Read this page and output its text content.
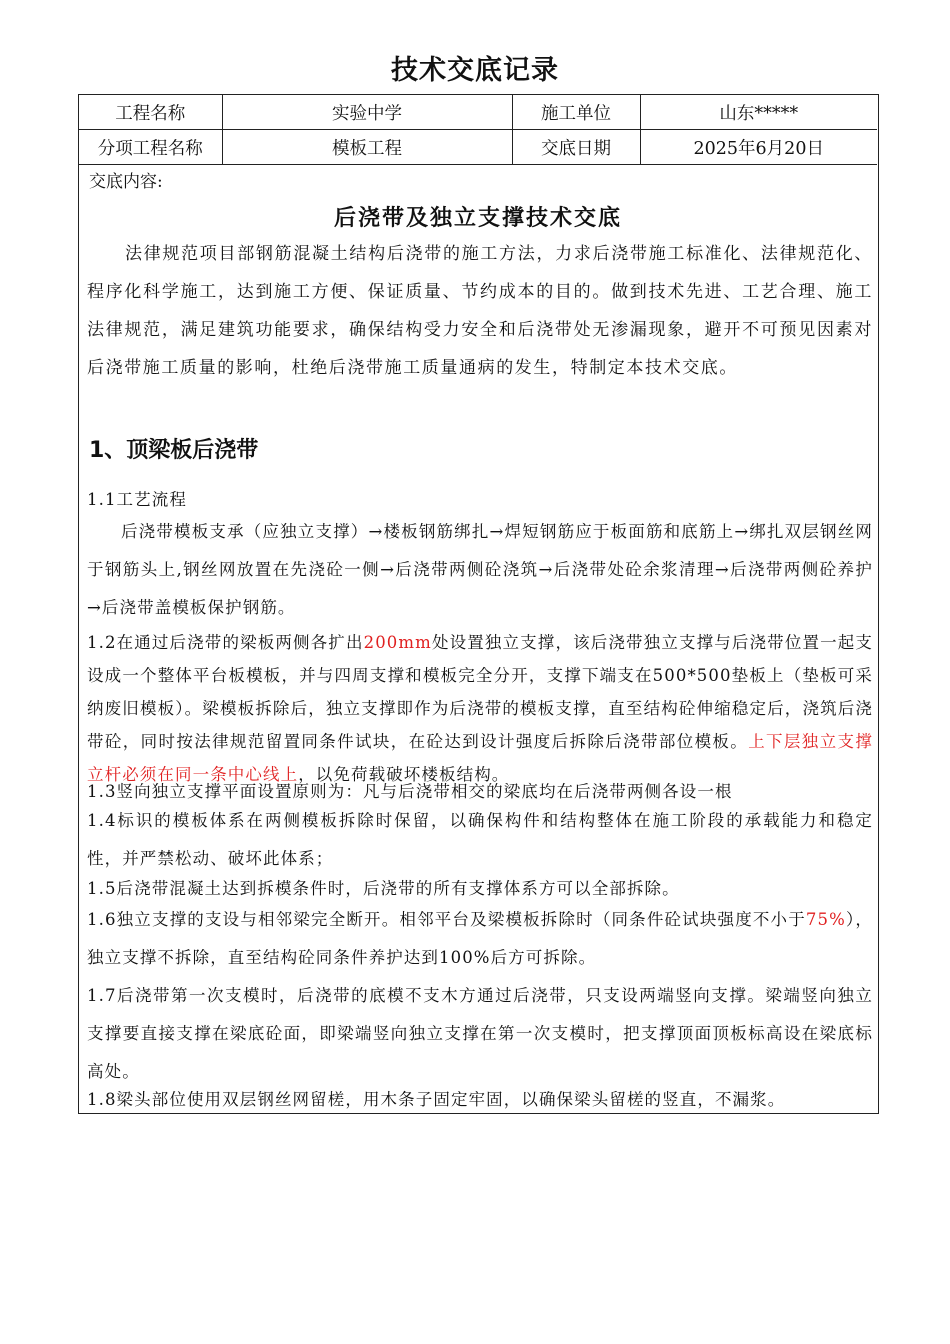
技术交底记录
工程名称	实验中学	施工单位	山东*****
分项工程名称	模板工程	交底日期	2025年6月20日
交底内容:
后浇带及独立支撑技术交底
法律规范项目部钢筋混凝土结构后浇带的施工方法，力求后浇带施工标准化、法律规范化、程序化科学施工，达到施工方便、保证质量、节约成本的目的。做到技术先进、工艺合理、施工法律规范，满足建筑功能要求，确保结构受力安全和后浇带处无渗漏现象，避开不可预见因素对后浇带施工质量的影响，杜绝后浇带施工质量通病的发生，特制定本技术交底。
1、顶梁板后浇带
1.1工艺流程
后浇带模板支承（应独立支撑）→楼板钢筋绑扎→焊短钢筋应于板面筋和底筋上→绑扎双层钢丝网于钢筋头上,钢丝网放置在先浇砼一侧→后浇带两侧砼浇筑→后浇带处砼余浆清理→后浇带两侧砼养护→后浇带盖模板保护钢筋。
1.2在通过后浇带的梁板两侧各扩出200mm处设置独立支撑，该后浇带独立支撑与后浇带位置一起支设成一个整体平台板模板，并与四周支撑和模板完全分开，支撑下端支在500*500垫板上（垫板可采纳废旧模板）。梁模板拆除后，独立支撑即作为后浇带的模板支撑，直至结构砼伸缩稳定后，浇筑后浇带砼，同时按法律规范留置同条件试块，在砼达到设计强度后拆除后浇带部位模板。上下层独立支撑立杆必须在同一条中心线上，以免荷载破坏楼板结构。
1.3竖向独立支撑平面设置原则为：凡与后浇带相交的梁底均在后浇带两侧各设一根
1.4标识的模板体系在两侧模板拆除时保留，以确保构件和结构整体在施工阶段的承载能力和稳定性，并严禁松动、破坏此体系；
1.5后浇带混凝土达到拆模条件时，后浇带的所有支撑体系方可以全部拆除。
1.6独立支撑的支设与相邻梁完全断开。相邻平台及梁模板拆除时（同条件砼试块强度不小于75%），独立支撑不拆除，直至结构砼同条件养护达到100%后方可拆除。
1.7后浇带第一次支模时，后浇带的底模不支木方通过后浇带，只支设两端竖向支撑。梁端竖向独立支撑要直接支撑在梁底砼面，即梁端竖向独立支撑在第一次支模时，把支撑顶面顶板标高设在梁底标高处。
1.8梁头部位使用双层钢丝网留槎，用木条子固定牢固，以确保梁头留槎的竖直，不漏浆。
